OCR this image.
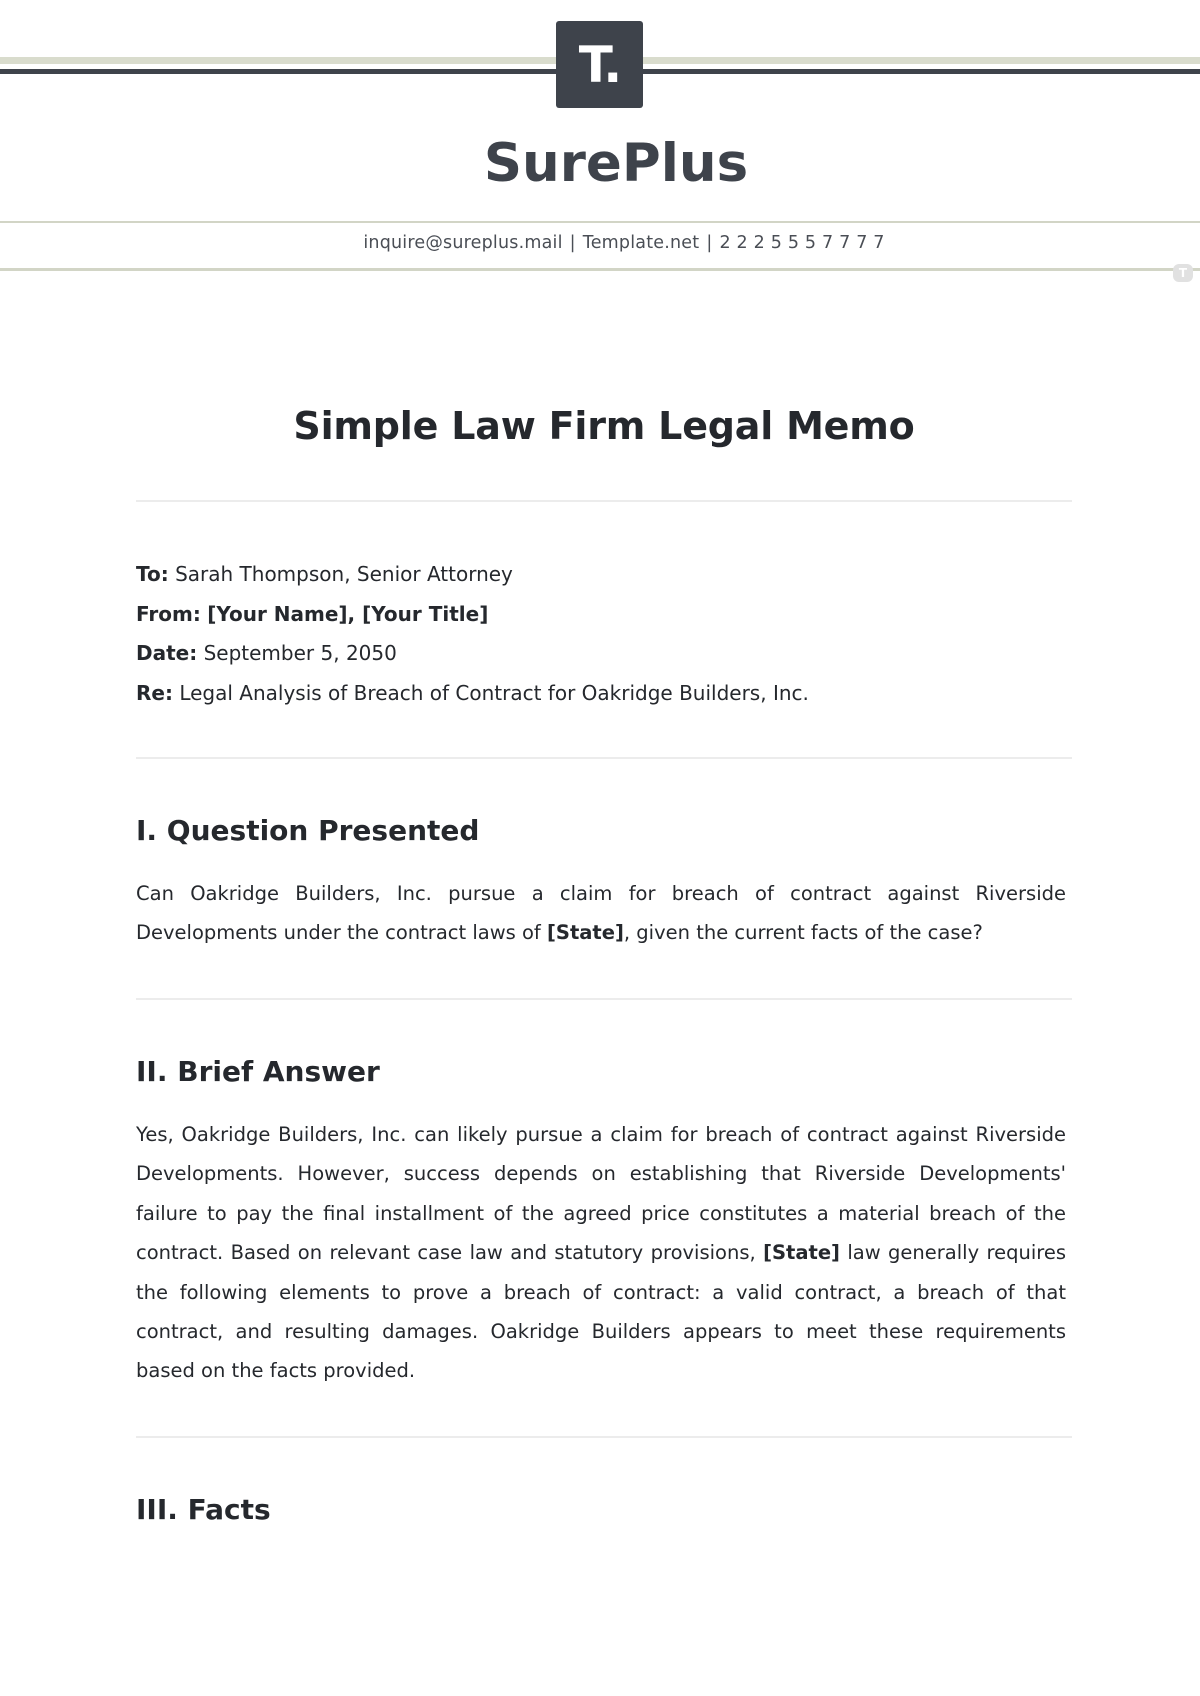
T.
SurePlus
inquire@sureplus.mail | Template.net | 2 2 2 5 5 5 7 7 7 7
T
Simple Law Firm Legal Memo
To: Sarah Thompson, Senior Attorney
From: [Your Name], [Your Title]
Date: September 5, 2050
Re: Legal Analysis of Breach of Contract for Oakridge Builders, Inc.
I. Question Presented

Can Oakridge Builders, Inc. pursue a claim for breach of contract against Riverside Developments under the contract laws of [State], given the current facts of the case?

II. Brief Answer

Yes, Oakridge Builders, Inc. can likely pursue a claim for breach of contract against Riverside Developments. However, success depends on establishing that Riverside Developments' failure to pay the final installment of the agreed price constitutes a material breach of the contract. Based on relevant case law and statutory provisions, [State] law generally requires the following elements to prove a breach of contract: a valid contract, a breach of that contract, and resulting damages. Oakridge Builders appears to meet these requirements based on the facts provided.

III. Facts
